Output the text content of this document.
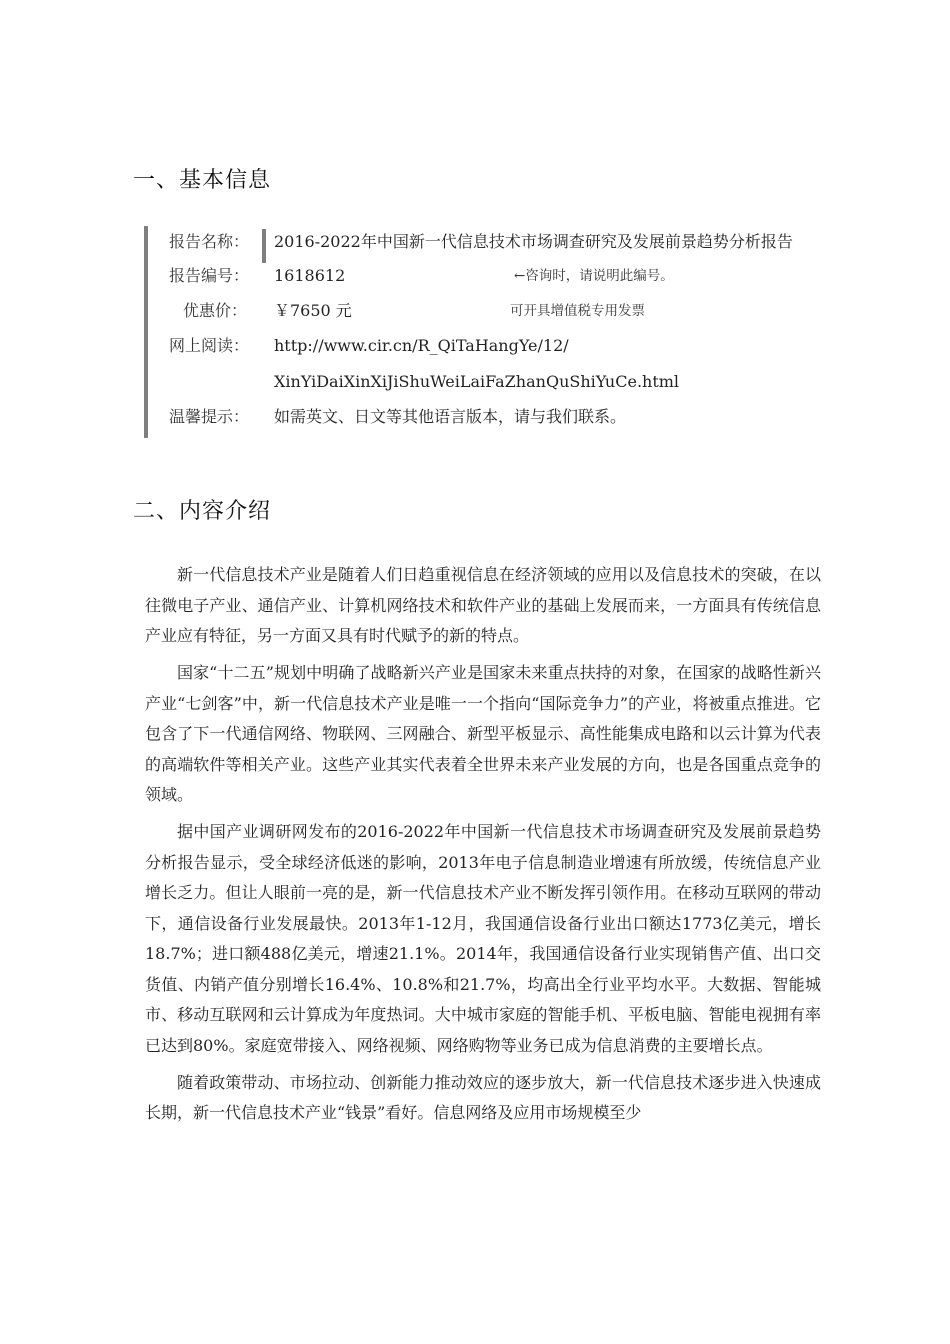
一、基本信息
报告名称： 2016-2022年中国新一代信息技术市场调查研究及发展前景趋势分析报告
报告编号： 1618612	←咨询时，请说明此编号。
优惠价： ￥7650 元	可开具增值税专用发票
网上阅读： http://www.cir.cn/R_QiTaHangYe/12/
XinYiDaiXinXiJiShuWeiLaiFaZhanQuShiYuCe.html
温馨提示： 如需英文、日文等其他语言版本，请与我们联系。
二、内容介绍

新一代信息技术产业是随着人们日趋重视信息在经济领域的应用以及信息技术的突破，在以往微电子产业、通信产业、计算机网络技术和软件产业的基础上发展而来，一方面具有传统信息产业应有特征，另一方面又具有时代赋予的新的特点。

国家“十二五”规划中明确了战略新兴产业是国家未来重点扶持的对象，在国家的战略性新兴产业“七剑客”中，新一代信息技术产业是唯一一个指向“国际竞争力”的产业，将被重点推进。它包含了下一代通信网络、物联网、三网融合、新型平板显示、高性能集成电路和以云计算为代表的高端软件等相关产业。这些产业其实代表着全世界未来产业发展的方向，也是各国重点竞争的领域。

据中国产业调研网发布的2016-2022年中国新一代信息技术市场调查研究及发展前景趋势分析报告显示，受全球经济低迷的影响，2013年电子信息制造业增速有所放缓，传统信息产业增长乏力。但让人眼前一亮的是，新一代信息技术产业不断发挥引领作用。在移动互联网的带动下，通信设备行业发展最快。2013年1-12月，我国通信设备行业出口额达1773亿美元，增长18.7%；进口额488亿美元，增速21.1%。2014年，我国通信设备行业实现销售产值、出口交货值、内销产值分别增长16.4%、10.8%和21.7%，均高出全行业平均水平。大数据、智能城市、移动互联网和云计算成为年度热词。大中城市家庭的智能手机、平板电脑、智能电视拥有率已达到80%。家庭宽带接入、网络视频、网络购物等业务已成为信息消费的主要增长点。

随着政策带动、市场拉动、创新能力推动效应的逐步放大，新一代信息技术逐步进入快速成长期，新一代信息技术产业“钱景”看好。信息网络及应用市场规模至少
